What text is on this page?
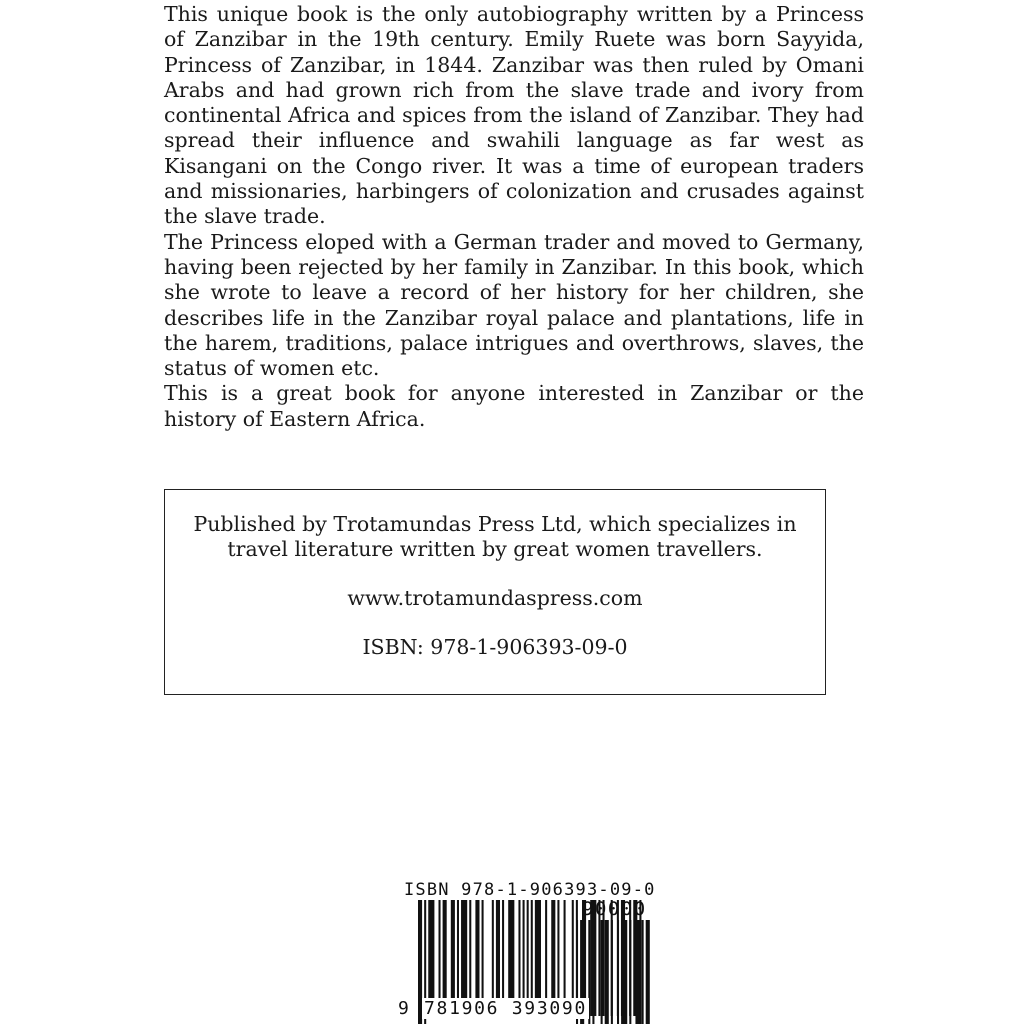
This unique book is the only autobiography written by a Princess of Zanzibar in the 19th century. Emily Ruete was born Sayyida, Princess of Zanzibar, in 1844. Zanzibar was then ruled by Omani Arabs and had grown rich from the slave trade and ivory from continental Africa and spices from the island of Zanzibar. They had spread their influence and swahili language as far west as Kisangani on the Congo river. It was a time of european traders and missionaries, harbingers of colonization and crusades against the slave trade.

The Princess eloped with a German trader and moved to Germany, having been rejected by her family in Zanzibar. In this book, which she wrote to leave a record of her history for her children, she describes life in the Zanzibar royal palace and plantations, life in the harem, traditions, palace intrigues and overthrows, slaves, the status of women etc.

This is a great book for anyone interested in Zanzibar or the history of Eastern Africa.

Published by Trotamundas Press Ltd, which specializes in travel literature written by great women travellers.
www.trotamundaspress.com
ISBN: 978-1-906393-09-0
ISBN 978-1-906393-09-0
90000
9 781906 393090
